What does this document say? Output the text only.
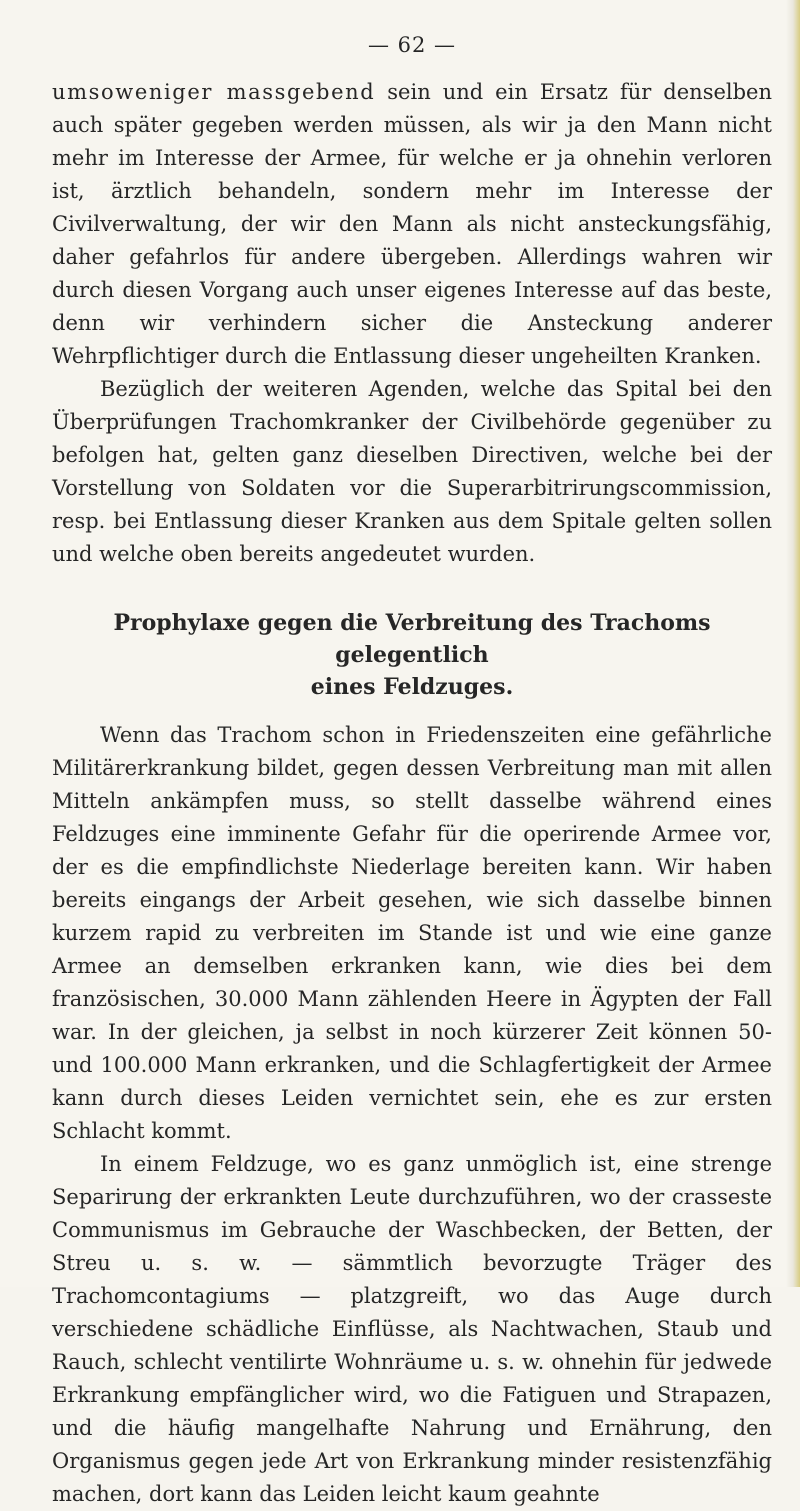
— 62 —

umsoweniger massgebend sein und ein Ersatz für denselben auch später gegeben werden müssen, als wir ja den Mann nicht mehr im Interesse der Armee, für welche er ja ohnehin verloren ist, ärztlich behandeln, sondern mehr im Interesse der Civilverwaltung, der wir den Mann als nicht ansteckungsfähig, daher gefahrlos für andere übergeben. Allerdings wahren wir durch diesen Vorgang auch unser eigenes Interesse auf das beste, denn wir verhindern sicher die Ansteckung anderer Wehrpflichtiger durch die Entlassung dieser ungeheilten Kranken.

Bezüglich der weiteren Agenden, welche das Spital bei den Überprüfungen Trachomkranker der Civilbehörde gegenüber zu befolgen hat, gelten ganz dieselben Directiven, welche bei der Vorstellung von Soldaten vor die Superarbitrirungscommission, resp. bei Entlassung dieser Kranken aus dem Spitale gelten sollen und welche oben bereits angedeutet wurden.

Prophylaxe gegen die Verbreitung des Trachoms gelegentlich
eines Feldzuges.

Wenn das Trachom schon in Friedenszeiten eine gefährliche Militärerkrankung bildet, gegen dessen Verbreitung man mit allen Mitteln ankämpfen muss, so stellt dasselbe während eines Feldzuges eine imminente Gefahr für die operirende Armee vor, der es die empfindlichste Niederlage bereiten kann. Wir haben bereits eingangs der Arbeit gesehen, wie sich dasselbe binnen kurzem rapid zu verbreiten im Stande ist und wie eine ganze Armee an demselben erkranken kann, wie dies bei dem französischen, 30.000 Mann zählenden Heere in Ägypten der Fall war. In der gleichen, ja selbst in noch kürzerer Zeit können 50- und 100.000 Mann erkranken, und die Schlagfertigkeit der Armee kann durch dieses Leiden vernichtet sein, ehe es zur ersten Schlacht kommt.

In einem Feldzuge, wo es ganz unmöglich ist, eine strenge Separirung der erkrankten Leute durchzuführen, wo der crasseste Communismus im Gebrauche der Waschbecken, der Betten, der Streu u. s. w. — sämmtlich bevorzugte Träger des Trachomcontagiums — platzgreift, wo das Auge durch verschiedene schädliche Einflüsse, als Nachtwachen, Staub und Rauch, schlecht ventilirte Wohnräume u. s. w. ohnehin für jedwede Erkrankung empfänglicher wird, wo die Fatiguen und Strapazen, und die häufig mangelhafte Nahrung und Ernährung, den Organismus gegen jede Art von Erkrankung minder resistenzfähig machen, dort kann das Leiden leicht kaum geahnte
